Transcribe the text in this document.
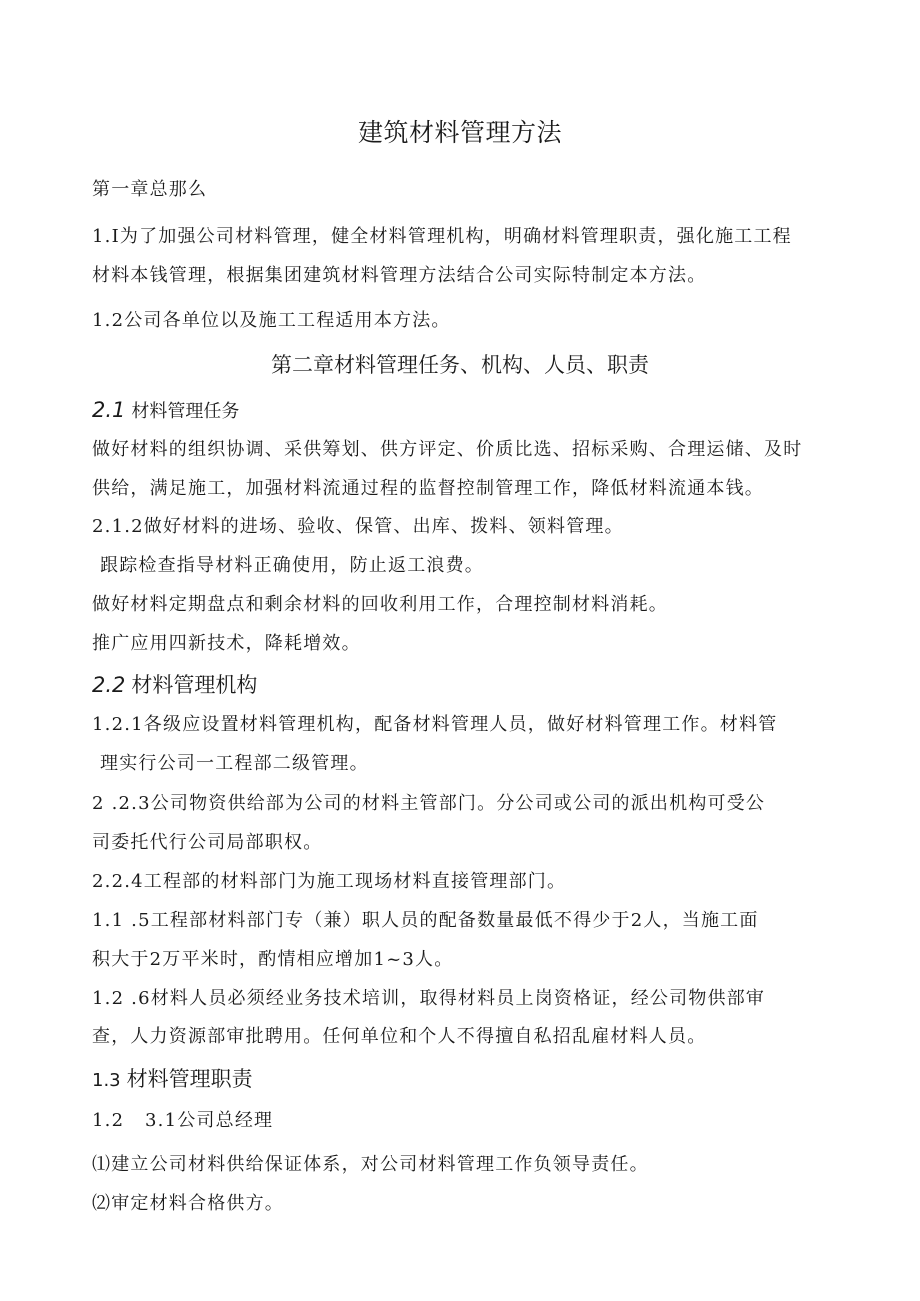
建筑材料管理方法
第一章总那么
1.I为了加强公司材料管理，健全材料管理机构，明确材料管理职责，强化施工工程
材料本钱管理，根据集团建筑材料管理方法结合公司实际特制定本方法。
1.2公司各单位以及施工工程适用本方法。
第二章材料管理任务、机构、人员、职责
2.1 材料管理任务
做好材料的组织协调、采供筹划、供方评定、价质比选、招标采购、合理运储、及时
供给，满足施工，加强材料流通过程的监督控制管理工作，降低材料流通本钱。
2.1.2做好材料的进场、验收、保管、出库、拨料、领料管理。
跟踪检查指导材料正确使用，防止返工浪费。
做好材料定期盘点和剩余材料的回收利用工作，合理控制材料消耗。
推广应用四新技术，降耗增效。
2.2 材料管理机构
1.2.1各级应设置材料管理机构，配备材料管理人员，做好材料管理工作。材料管
理实行公司一工程部二级管理。
2 .2.3公司物资供给部为公司的材料主管部门。分公司或公司的派出机构可受公
司委托代行公司局部职权。
2.2.4工程部的材料部门为施工现场材料直接管理部门。
1.1 .5工程部材料部门专（兼）职人员的配备数量最低不得少于2人，当施工面
积大于2万平米时，酌情相应增加1~3人。
1.2 .6材料人员必须经业务技术培训，取得材料员上岗资格证，经公司物供部审
查，人力资源部审批聘用。任何单位和个人不得擅自私招乱雇材料人员。
1.3 材料管理职责
1.2   3.1公司总经理
⑴建立公司材料供给保证体系，对公司材料管理工作负领导责任。
⑵审定材料合格供方。
